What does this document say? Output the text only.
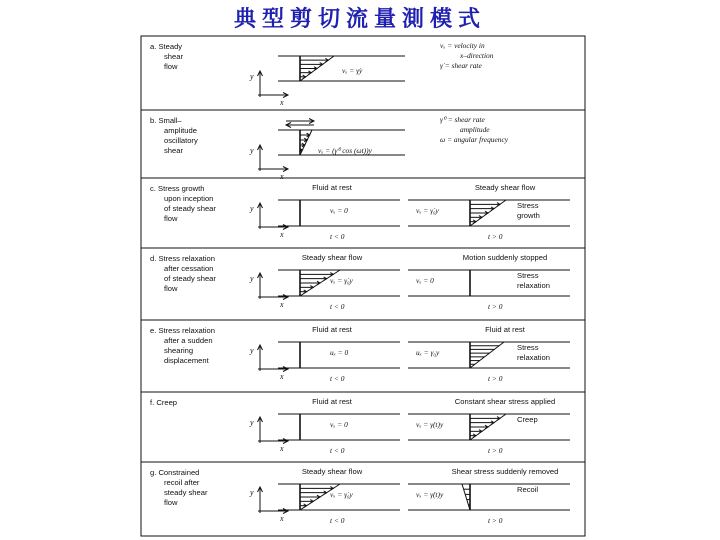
典型剪切流量測模式
a. Steady
shear
flow
y
x
vₓ = γ̇y
vₓ = velocity in
x–direction
γ̇ = shear rate
b. Small–
amplitude
oscillatory
shear	y
x
vₓ = (γ̇⁰ cos (ωt))y
γ̇⁰ = shear rate
amplitude
ω = angular frequency
c. Stress growth
upon inception
of steady shear
flow
y
x
Fluid at rest
vₓ = 0
t < 0
Steady shear flow
vₓ = γ̇₀y
Stress
growth
t > 0
d. Stress relaxation
after cessation
of steady shear
flow
y
x
Steady shear flow
vₓ = γ̇₀y
t < 0
Motion suddenly stopped
vₓ = 0
Stress
relaxation
t > 0
e. Stress relaxation
after a sudden
shearing
displacement
y
x
Fluid at rest
uₓ = 0
t < 0
Fluid at rest
uₓ = γ₀y
Stress
relaxation
t > 0
f. Creep
y
x
Fluid at rest
vₓ = 0
t < 0
Constant shear stress applied
vₓ = γ̇(t)y
Creep
t > 0
g. Constrained
recoil after
steady shear
flow
y
x
Steady shear flow
vₓ = γ̇₀y
t < 0
Shear stress suddenly removed
vₓ = γ̇(t)y
Recoil
t > 0
